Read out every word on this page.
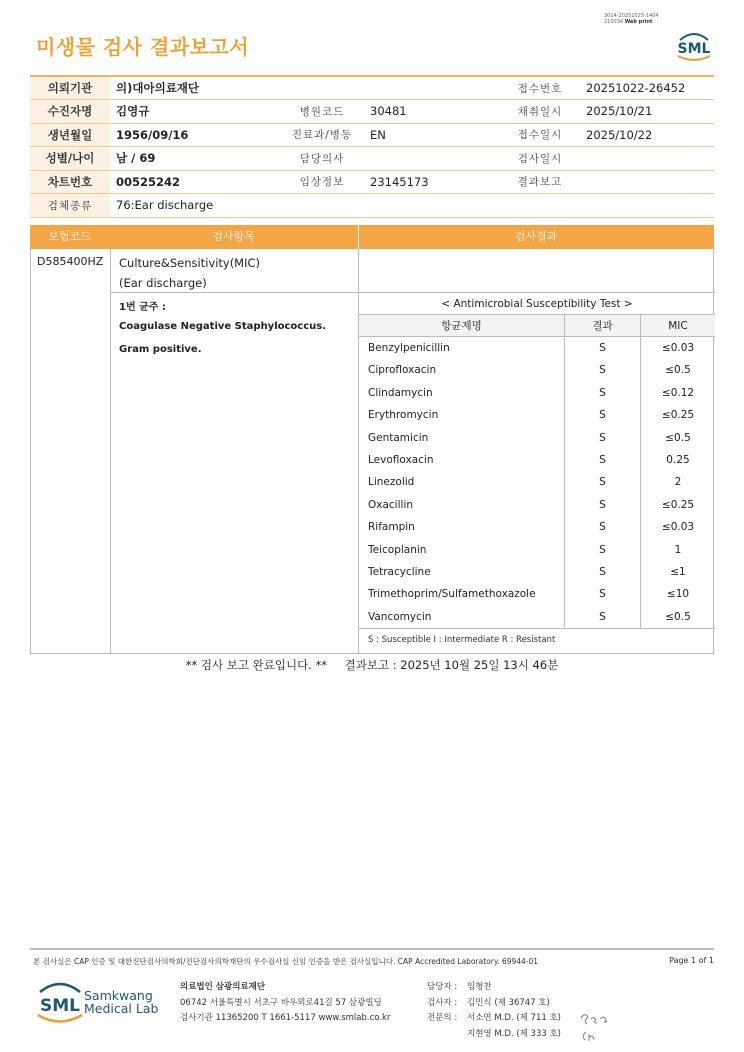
3014-20251025-1404
210034 Web print
미생물 검사 결과보고서	SML
의뢰기관	의)대아의료재단			접수번호	20251022-26452
수진자명	김영규	병원코드	30481	채취일시	2025/10/21
생년월일	1956/09/16	진료과/병동	EN	접수일시	2025/10/22
성별/나이	남 / 69	담당의사		검사일시	
차트번호	00525242	임상정보	23145173	결과보고	
검체종류	76:Ear discharge				
보험코드	검사항목	검사결과
D585400HZ Culture&Sensitivity(MIC)
(Ear discharge)
1번 균주 :
Coagulase Negative Staphylococcus.
Gram positive.
< Antimicrobial Susceptibility Test >
항균제명	결과	MIC
Benzylpenicillin	S	≤0.03
Ciprofloxacin	S	≤0.5
Clindamycin	S	≤0.12
Erythromycin	S	≤0.25
Gentamicin	S	≤0.5
Levofloxacin	S	0.25
Linezolid	S	2
Oxacillin	S	≤0.25
Rifampin	S	≤0.03
Teicoplanin	S	1
Tetracycline	S	≤1
Trimethoprim/Sulfamethoxazole	S	≤10
Vancomycin	S	≤0.5
S : Susceptible I : Intermediate R : Resistant
** 검사 보고 완료입니다. ** 결과보고 : 2025년 10월 25일 13시 46분
본 검사실은 CAP 인증 및 대한진단검사의학회/진단검사의학재단의 우수검사실 신임 인증을 받은 검사실입니다. CAP Accredited Laboratory. 69944-01	Page 1 of 1
SML
Samkwang
Medical Lab
의료법인 삼광의료재단
06742 서울특별시 서초구 바우뫼로41길 57 삼광빌딩
검사기관 11365200 T 1661-5117 www.smlab.co.kr
담당자 :	임형찬
검사자 :	김민식 (제 36747 호)
전문의 :	서소연 M.D. (제 711 호)
지현영 M.D. (제 333 호)
